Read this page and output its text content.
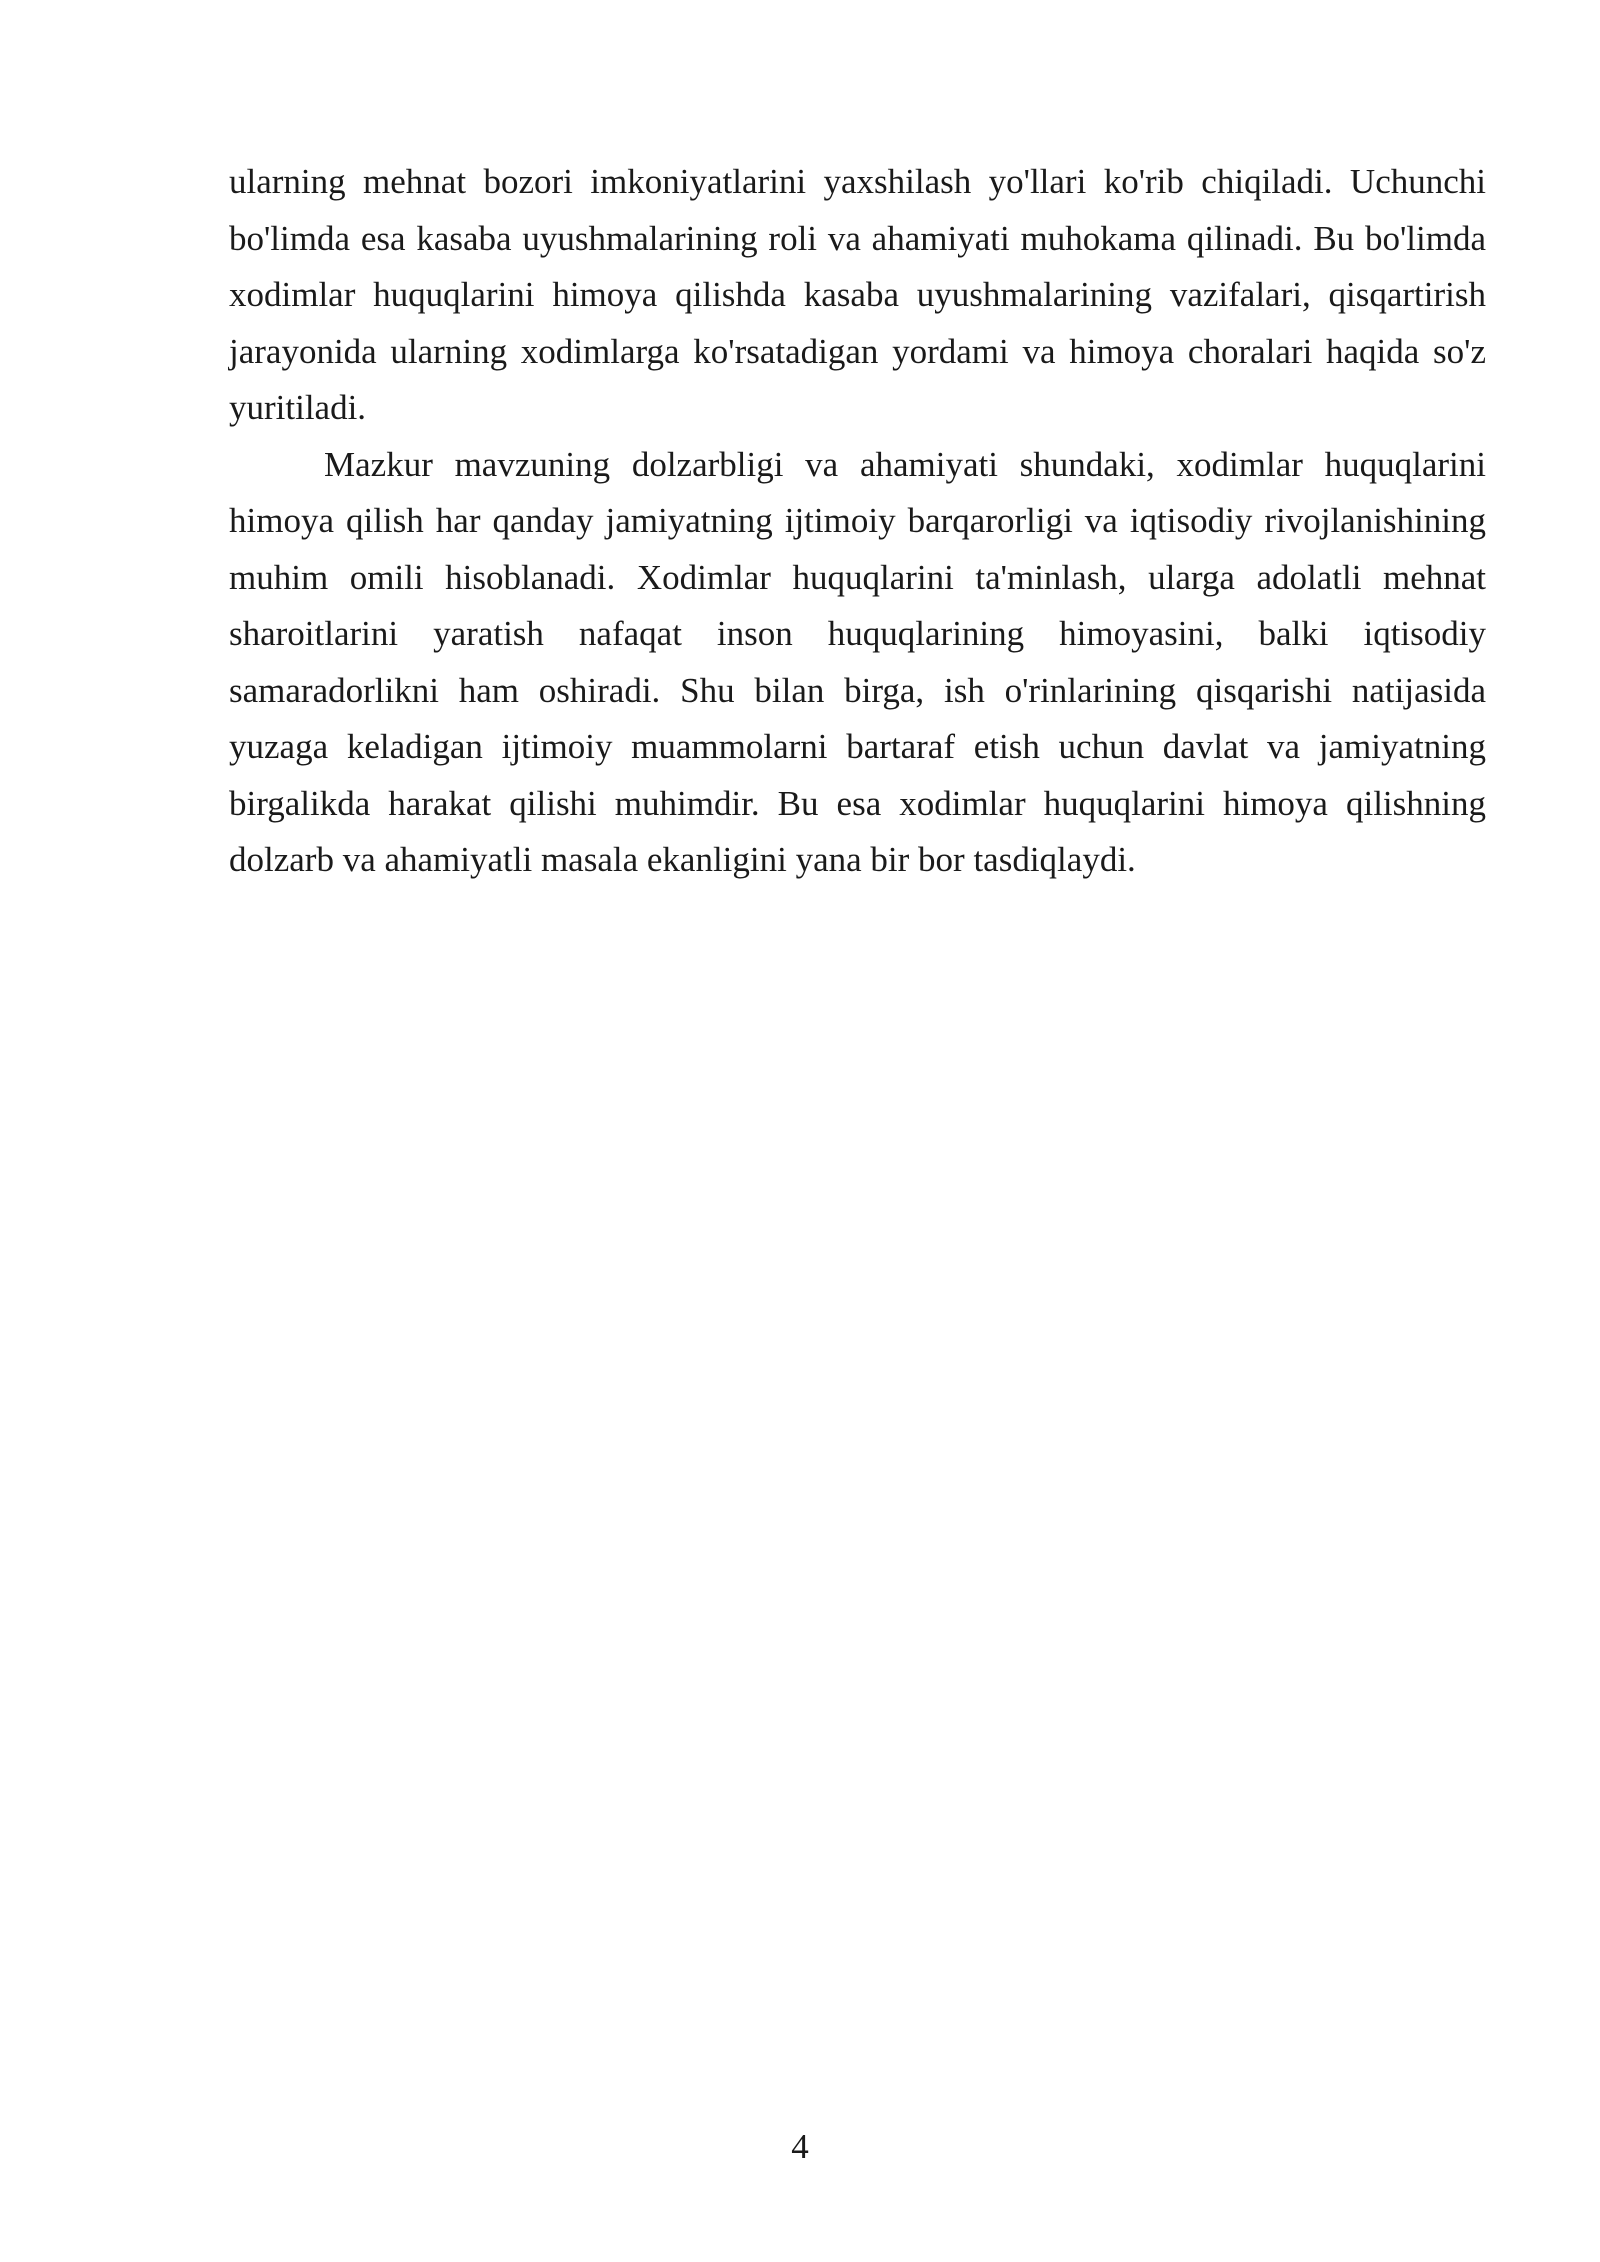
ularning mehnat bozori imkoniyatlarini yaxshilash yo'llari ko'rib chiqiladi. Uchunchi bo'limda esa kasaba uyushmalarining roli va ahamiyati muhokama qilinadi. Bu bo'limda xodimlar huquqlarini himoya qilishda kasaba uyushmalarining vazifalari, qisqartirish jarayonida ularning xodimlarga ko'rsatadigan yordami va himoya choralari haqida so'z yuritiladi.

Mazkur mavzuning dolzarbligi va ahamiyati shundaki, xodimlar huquqlarini himoya qilish har qanday jamiyatning ijtimoiy barqarorligi va iqtisodiy rivojlanishining muhim omili hisoblanadi. Xodimlar huquqlarini ta'minlash, ularga adolatli mehnat sharoitlarini yaratish nafaqat inson huquqlarining himoyasini, balki iqtisodiy samaradorlikni ham oshiradi. Shu bilan birga, ish o'rinlarining qisqarishi natijasida yuzaga keladigan ijtimoiy muammolarni bartaraf etish uchun davlat va jamiyatning birgalikda harakat qilishi muhimdir. Bu esa xodimlar huquqlarini himoya qilishning dolzarb va ahamiyatli masala ekanligini yana bir bor tasdiqlaydi.

4
